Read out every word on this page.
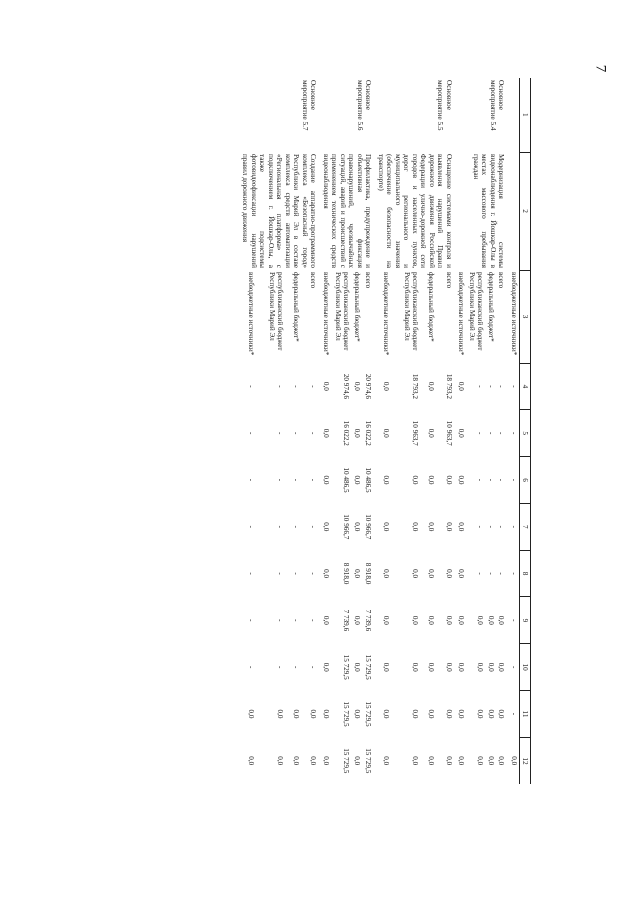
7
1	2	3	4	5	6	7	8	9	10	11	12
		внебюджетные источники*	-	-	-	-	-	-	-	-	0,0
Основное мероприятие 5.4	Модернизация системы видеонаблюдения г. Йошкар-Олы в местах массового пребывания граждан	всего	-	-	-	-	-	0,0	0,0	0,0	0,0
		федеральный бюджет*	-	-	-	-	-	0,0	0,0	0,0	0,0
		республиканский бюджет Республики Марий Эл	-	-	-	-	-	0,0	0,0	0,0	0,0
		внебюджетные источники*	0,0	0,0	0,0	0,0	0,0	0,0	0,0	0,0	0,0
Основное мероприятие 5.5	Оснащение системами контроля и выявления нарушений Правил дорожного движения Российской Федерации улично-дорожной сети городов и населенных пунктов, дорог регионального и муниципального значения (обеспечение безопасности на транспорте)	всего	18 793,2	10 963,7	0,0	0,0	0,0	0,0	0,0	0,0	0,0
		федеральный бюджет*	0,0	0,0	0,0	0,0	0,0	0,0	0,0	0,0	0,0
		республиканский бюджет Республики Марий Эл	18 793,2	10 963,7	0,0	0,0	0,0	0,0	0,0	0,0	0,0
		внебюджетные источники*	0,0	0,0	0,0	0,0	0,0	0,0	0,0	0,0	0,0
Основное мероприятие 5.6	Профилактика, предупреждение и объективная фиксация правонарушений, чрезвычайных ситуаций, аварий и происшествий с применением технических средств видеонаблюдения	всего	20 974,6	16 022,2	10 486,5	10 966,7	8 918,0	7 739,6	15 729,5	15 729,5	15 729,5
		федеральный бюджет*	0,0	0,0	0,0	0,0	0,0	0,0	0,0	0,0	0,0
		республиканский бюджет Республики Марий Эл	20 974,6	16 022,2	10 486,5	10 966,7	8 918,0	7 739,6	15 729,5	15 729,5	15 729,5
		внебюджетные источники*	0,0	0,0	0,0	0,0	0,0	0,0	0,0	0,0	0,0
Основное мероприятие 5.7	Создание аппаратно-программного комплекса «Безопасный город» Республики Марий Эл в составе комплекса средств автоматизации «Региональная платформа» с подключением г. Йошкар-Олы, а также подсистемы фотовидеофиксации нарушений правил дорожного движения	всего	-	-	-	-	-	-	-	0,0	0,0
		федеральный бюджет*	-	-	-	-	-	-	-	0,0	0,0
		республиканский бюджет Республики Марий Эл	-	-	-	-	-	-	-	0,0	0,0
		внебюджетные источники*	-	-	-	-	-	-	-	0,0	0,0
